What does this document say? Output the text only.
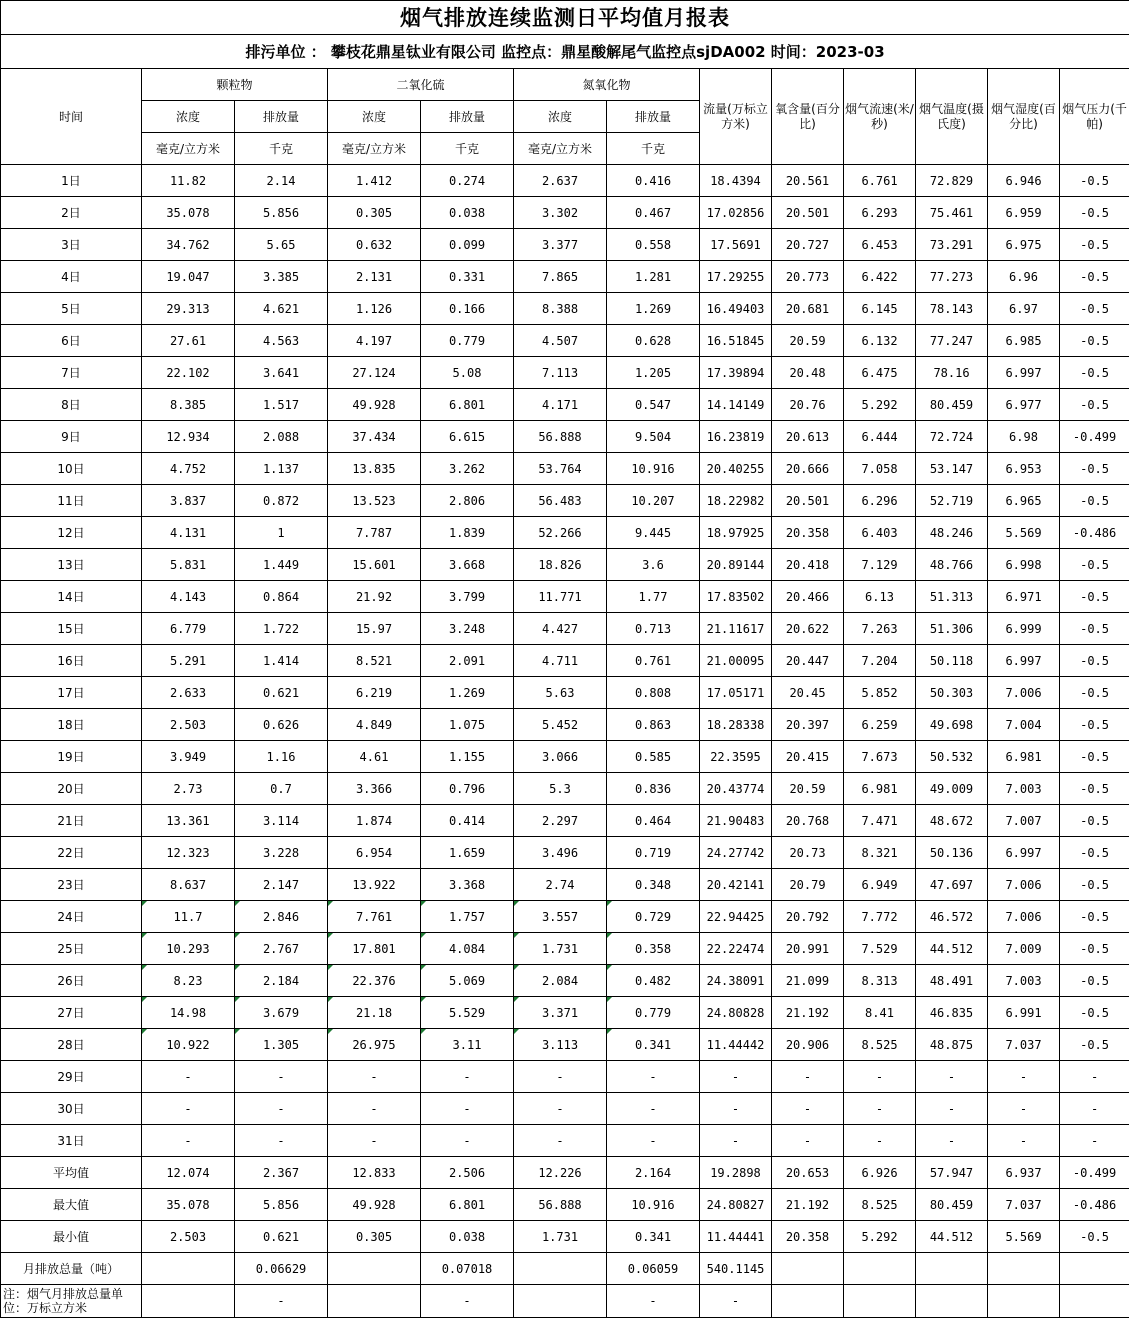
烟气排放连续监测日平均值月报表												
排污单位 ： 攀枝花鼎星钛业有限公司 监控点：鼎星酸解尾气监控点sjDA002 时间：2023-03												
时间	颗粒物		二氧化硫		氮氧化物		流量(万标立方米)	氧含量(百分比)	烟气流速(米/秒)	烟气温度(摄氏度)	烟气湿度(百分比)	烟气压力(千帕)
	浓度	排放量	浓度	排放量	浓度	排放量						
	毫克/立方米	千克	毫克/立方米	千克	毫克/立方米	千克						
1日	11.82	2.14	1.412	0.274	2.637	0.416	18.4394	20.561	6.761	72.829	6.946	-0.5
2日	35.078	5.856	0.305	0.038	3.302	0.467	17.02856	20.501	6.293	75.461	6.959	-0.5
3日	34.762	5.65	0.632	0.099	3.377	0.558	17.5691	20.727	6.453	73.291	6.975	-0.5
4日	19.047	3.385	2.131	0.331	7.865	1.281	17.29255	20.773	6.422	77.273	6.96	-0.5
5日	29.313	4.621	1.126	0.166	8.388	1.269	16.49403	20.681	6.145	78.143	6.97	-0.5
6日	27.61	4.563	4.197	0.779	4.507	0.628	16.51845	20.59	6.132	77.247	6.985	-0.5
7日	22.102	3.641	27.124	5.08	7.113	1.205	17.39894	20.48	6.475	78.16	6.997	-0.5
8日	8.385	1.517	49.928	6.801	4.171	0.547	14.14149	20.76	5.292	80.459	6.977	-0.5
9日	12.934	2.088	37.434	6.615	56.888	9.504	16.23819	20.613	6.444	72.724	6.98	-0.499
10日	4.752	1.137	13.835	3.262	53.764	10.916	20.40255	20.666	7.058	53.147	6.953	-0.5
11日	3.837	0.872	13.523	2.806	56.483	10.207	18.22982	20.501	6.296	52.719	6.965	-0.5
12日	4.131	1	7.787	1.839	52.266	9.445	18.97925	20.358	6.403	48.246	5.569	-0.486
13日	5.831	1.449	15.601	3.668	18.826	3.6	20.89144	20.418	7.129	48.766	6.998	-0.5
14日	4.143	0.864	21.92	3.799	11.771	1.77	17.83502	20.466	6.13	51.313	6.971	-0.5
15日	6.779	1.722	15.97	3.248	4.427	0.713	21.11617	20.622	7.263	51.306	6.999	-0.5
16日	5.291	1.414	8.521	2.091	4.711	0.761	21.00095	20.447	7.204	50.118	6.997	-0.5
17日	2.633	0.621	6.219	1.269	5.63	0.808	17.05171	20.45	5.852	50.303	7.006	-0.5
18日	2.503	0.626	4.849	1.075	5.452	0.863	18.28338	20.397	6.259	49.698	7.004	-0.5
19日	3.949	1.16	4.61	1.155	3.066	0.585	22.3595	20.415	7.673	50.532	6.981	-0.5
20日	2.73	0.7	3.366	0.796	5.3	0.836	20.43774	20.59	6.981	49.009	7.003	-0.5
21日	13.361	3.114	1.874	0.414	2.297	0.464	21.90483	20.768	7.471	48.672	7.007	-0.5
22日	12.323	3.228	6.954	1.659	3.496	0.719	24.27742	20.73	8.321	50.136	6.997	-0.5
23日	8.637	2.147	13.922	3.368	2.74	0.348	20.42141	20.79	6.949	47.697	7.006	-0.5
24日	11.7	2.846	7.761	1.757	3.557	0.729	22.94425	20.792	7.772	46.572	7.006	-0.5
25日	10.293	2.767	17.801	4.084	1.731	0.358	22.22474	20.991	7.529	44.512	7.009	-0.5
26日	8.23	2.184	22.376	5.069	2.084	0.482	24.38091	21.099	8.313	48.491	7.003	-0.5
27日	14.98	3.679	21.18	5.529	3.371	0.779	24.80828	21.192	8.41	46.835	6.991	-0.5
28日	10.922	1.305	26.975	3.11	3.113	0.341	11.44442	20.906	8.525	48.875	7.037	-0.5
29日	-	-	-	-	-	-	-	-	-	-	-	-
30日	-	-	-	-	-	-	-	-	-	-	-	-
31日	-	-	-	-	-	-	-	-	-	-	-	-
平均值	12.074	2.367	12.833	2.506	12.226	2.164	19.2898	20.653	6.926	57.947	6.937	-0.499
最大值	35.078	5.856	49.928	6.801	56.888	10.916	24.80827	21.192	8.525	80.459	7.037	-0.486
最小值	2.503	0.621	0.305	0.038	1.731	0.341	11.44441	20.358	5.292	44.512	5.569	-0.5
月排放总量（吨）		0.06629		0.07018		0.06059	540.1145					
注：烟气月排放总量单位：万标立方米		-		-		-	-					
